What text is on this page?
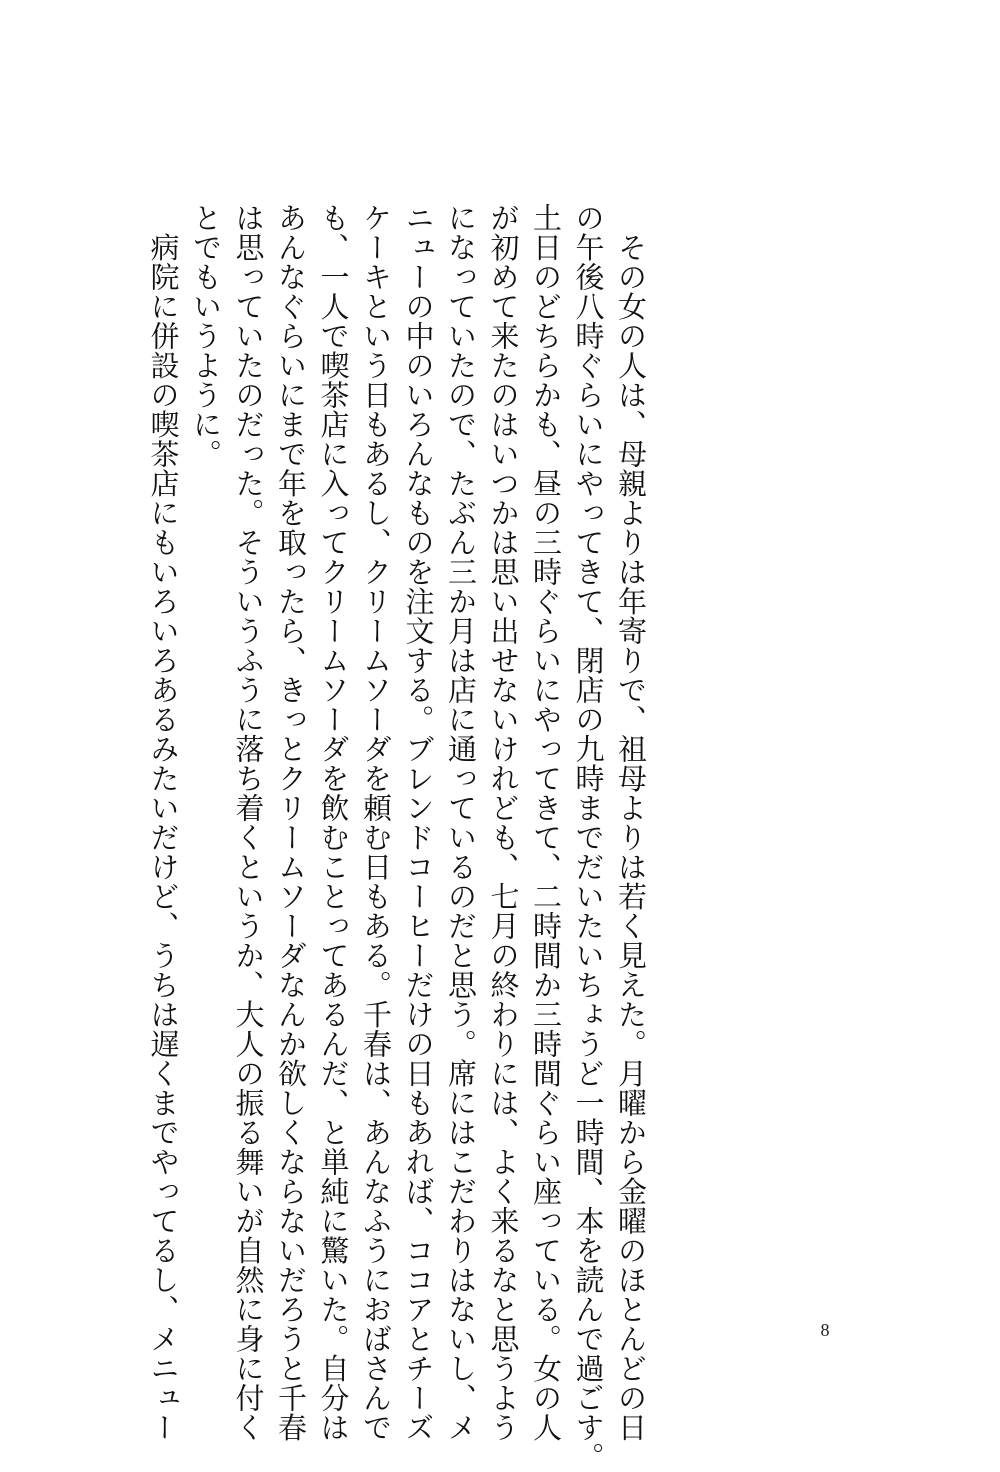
　その女の人は、母親よりは年寄りで、祖母よりは若く見えた。月曜から金曜のほとんどの日
の午後八時ぐらいにやってきて、閉店の九時までだいたいちょうど一時間、本を読んで過ごす。
土日のどちらかも、昼の三時ぐらいにやってきて、二時間か三時間ぐらい座っている。女の人
が初めて来たのはいつかは思い出せないけれども、七月の終わりには、よく来るなと思うよう
になっていたので、たぶん三か月は店に通っているのだと思う。席にはこだわりはないし、メ
ニューの中のいろんなものを注文する。ブレンドコーヒーだけの日もあれば、ココアとチーズ
ケーキという日もあるし、クリームソーダを頼む日もある。千春は、あんなふうにおばさんで
も、一人で喫茶店に入ってクリームソーダを飲むことってあるんだ、と単純に驚いた。自分は
あんなぐらいにまで年を取ったら、きっとクリームソーダなんか欲しくならないだろうと千春
は思っていたのだった。そういうふうに落ち着くというか、大人の振る舞いが自然に身に付く
とでもいうように。
　病院に併設の喫茶店にもいろいろあるみたいだけど、うちは遅くまでやってるし、メニュー	8
